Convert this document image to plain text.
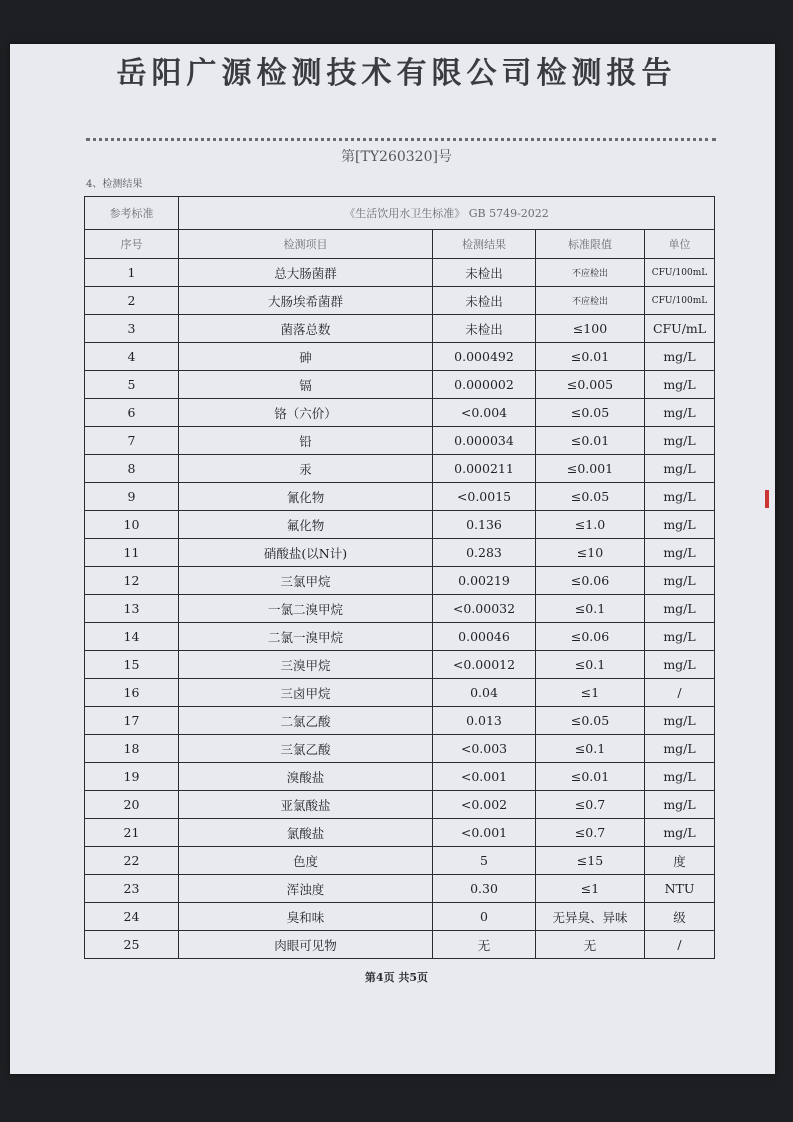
岳阳广源检测技术有限公司检测报告
第[TY260320]号
4、检测结果
参考标准	《生活饮用水卫生标准》 GB 5749-2022			
序号	检测项目	检测结果	标准限值	单位
1	总大肠菌群	未检出	不应检出	CFU/100mL
2	大肠埃希菌群	未检出	不应检出	CFU/100mL
3	菌落总数	未检出	≤100	CFU/mL
4	砷	0.000492	≤0.01	mg/L
5	镉	0.000002	≤0.005	mg/L
6	铬（六价）	<0.004	≤0.05	mg/L
7	铅	0.000034	≤0.01	mg/L
8	汞	0.000211	≤0.001	mg/L
9	氰化物	<0.0015	≤0.05	mg/L
10	氟化物	0.136	≤1.0	mg/L
11	硝酸盐(以N计)	0.283	≤10	mg/L
12	三氯甲烷	0.00219	≤0.06	mg/L
13	一氯二溴甲烷	<0.00032	≤0.1	mg/L
14	二氯一溴甲烷	0.00046	≤0.06	mg/L
15	三溴甲烷	<0.00012	≤0.1	mg/L
16	三卤甲烷	0.04	≤1	/
17	二氯乙酸	0.013	≤0.05	mg/L
18	三氯乙酸	<0.003	≤0.1	mg/L
19	溴酸盐	<0.001	≤0.01	mg/L
20	亚氯酸盐	<0.002	≤0.7	mg/L
21	氯酸盐	<0.001	≤0.7	mg/L
22	色度	5	≤15	度
23	浑浊度	0.30	≤1	NTU
24	臭和味	0	无异臭、异味	级
25	肉眼可见物	无	无	/
第4页 共5页
